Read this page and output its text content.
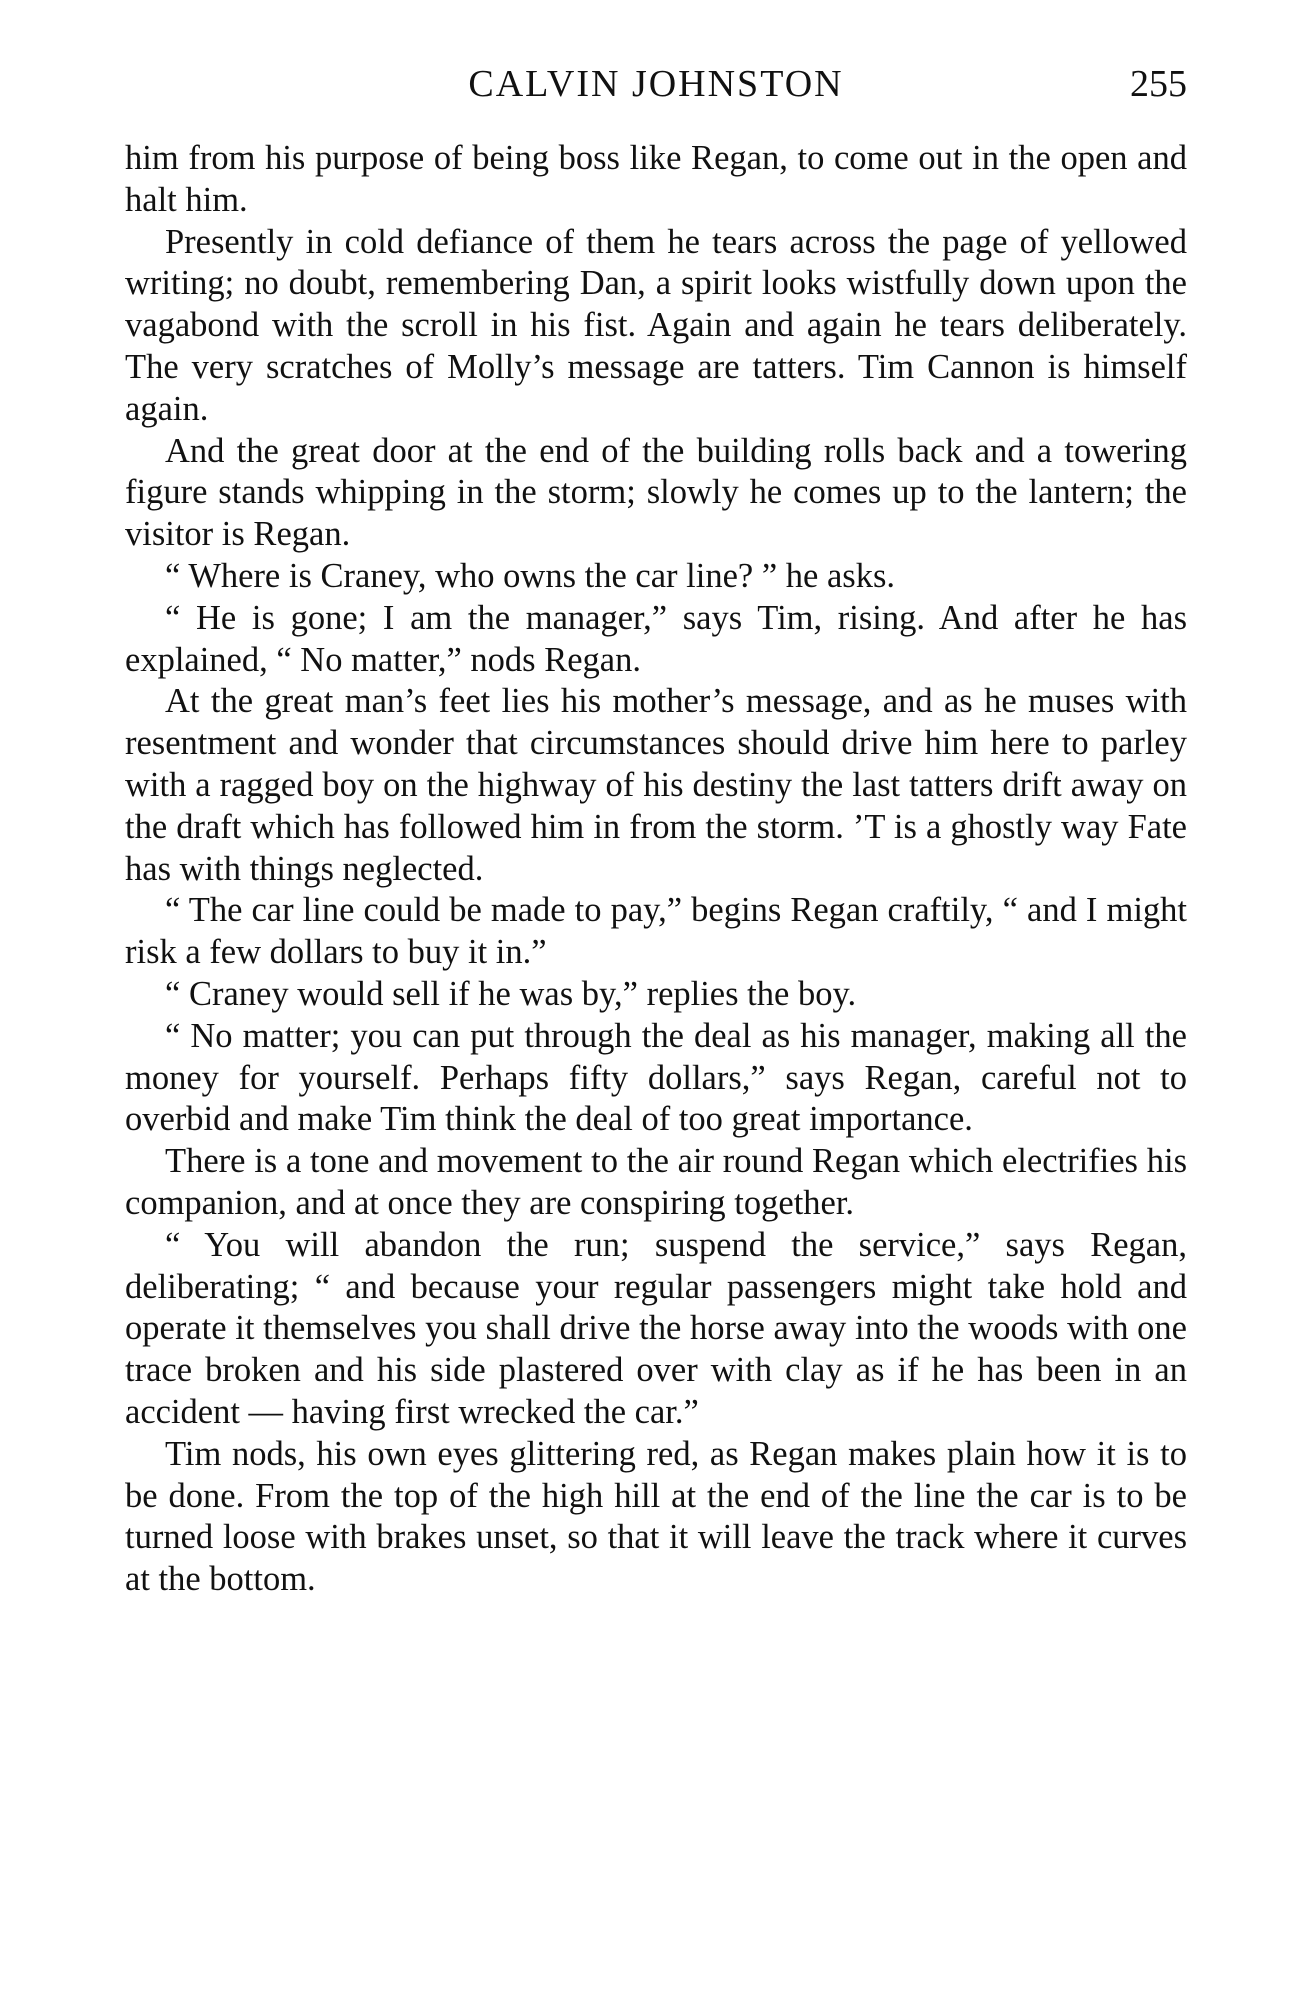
CALVIN JOHNSTON	255

him from his purpose of being boss like Regan, to come out in the open and halt him.

Presently in cold defiance of them he tears across the page of yellowed writing; no doubt, remembering Dan, a spirit looks wistfully down upon the vagabond with the scroll in his fist. Again and again he tears deliberately. The very scratches of Molly’s message are tatters. Tim Cannon is himself again.

And the great door at the end of the building rolls back and a towering figure stands whipping in the storm; slowly he comes up to the lantern; the visitor is Regan.

“ Where is Craney, who owns the car line? ” he asks.

“ He is gone; I am the manager,” says Tim, rising. And after he has explained, “ No matter,” nods Regan.

At the great man’s feet lies his mother’s message, and as he muses with resentment and wonder that circumstances should drive him here to parley with a ragged boy on the highway of his destiny the last tatters drift away on the draft which has followed him in from the storm. ’T is a ghostly way Fate has with things neglected.

“ The car line could be made to pay,” begins Regan craftily, “ and I might risk a few dollars to buy it in.”

“ Craney would sell if he was by,” replies the boy.

“ No matter; you can put through the deal as his manager, making all the money for yourself. Perhaps fifty dollars,” says Regan, careful not to overbid and make Tim think the deal of too great importance.

There is a tone and movement to the air round Regan which electrifies his companion, and at once they are conspiring together.

“ You will abandon the run; suspend the service,” says Regan, deliberating; “ and because your regular passengers might take hold and operate it themselves you shall drive the horse away into the woods with one trace broken and his side plastered over with clay as if he has been in an accident — having first wrecked the car.”

Tim nods, his own eyes glittering red, as Regan makes plain how it is to be done. From the top of the high hill at the end of the line the car is to be turned loose with brakes unset, so that it will leave the track where it curves at the bottom.
